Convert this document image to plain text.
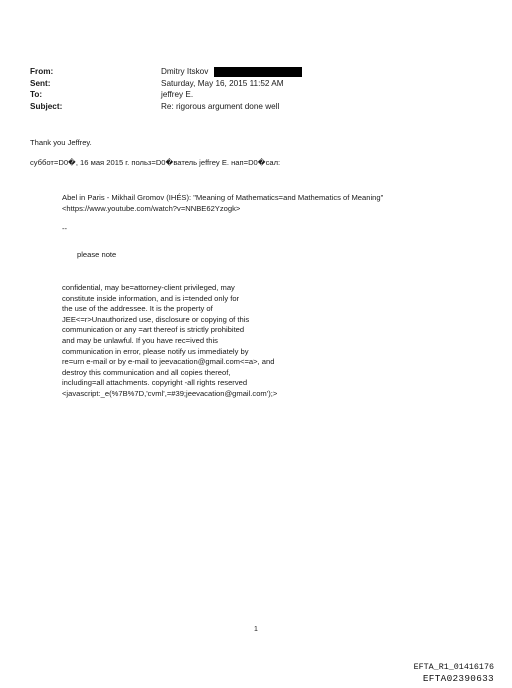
From:	Dmitry Itskov
Sent:	Saturday, May 16, 2015 11:52 AM
To:	jeffrey E.
Subject:	Re: rigorous argument done well
Thank you Jeffrey.
суббот=D0�, 16 мая 2015 г. польз=D0�ватель jeffrey E. нап=D0�сал:
Abel in Paris - Mikhail Gromov (IHÉS): "Meaning of Mathematics=and Mathematics of Meaning"
<https://www.youtube.com/watch?v=NNBE62Yzogk>
--
please note
confidential, may be=attorney-client privileged, may
constitute inside information, and is i=tended only for
the use of the addressee. It is the property of
JEE<=r>Unauthorized use, disclosure or copying of this
communication or any =art thereof is strictly prohibited
and may be unlawful. If you have rec=ived this
communication in error, please notify us immediately by
re=urn e-mail or by e-mail to jeevacation@gmail.com<=a>, and
destroy this communication and all copies thereof,
including=all attachments. copyright -all rights reserved
<javascript:_e(%7B%7D,'cvml',=#39;jeevacation@gmail.com');>
1
EFTA_R1_01416176
EFTA02390633
